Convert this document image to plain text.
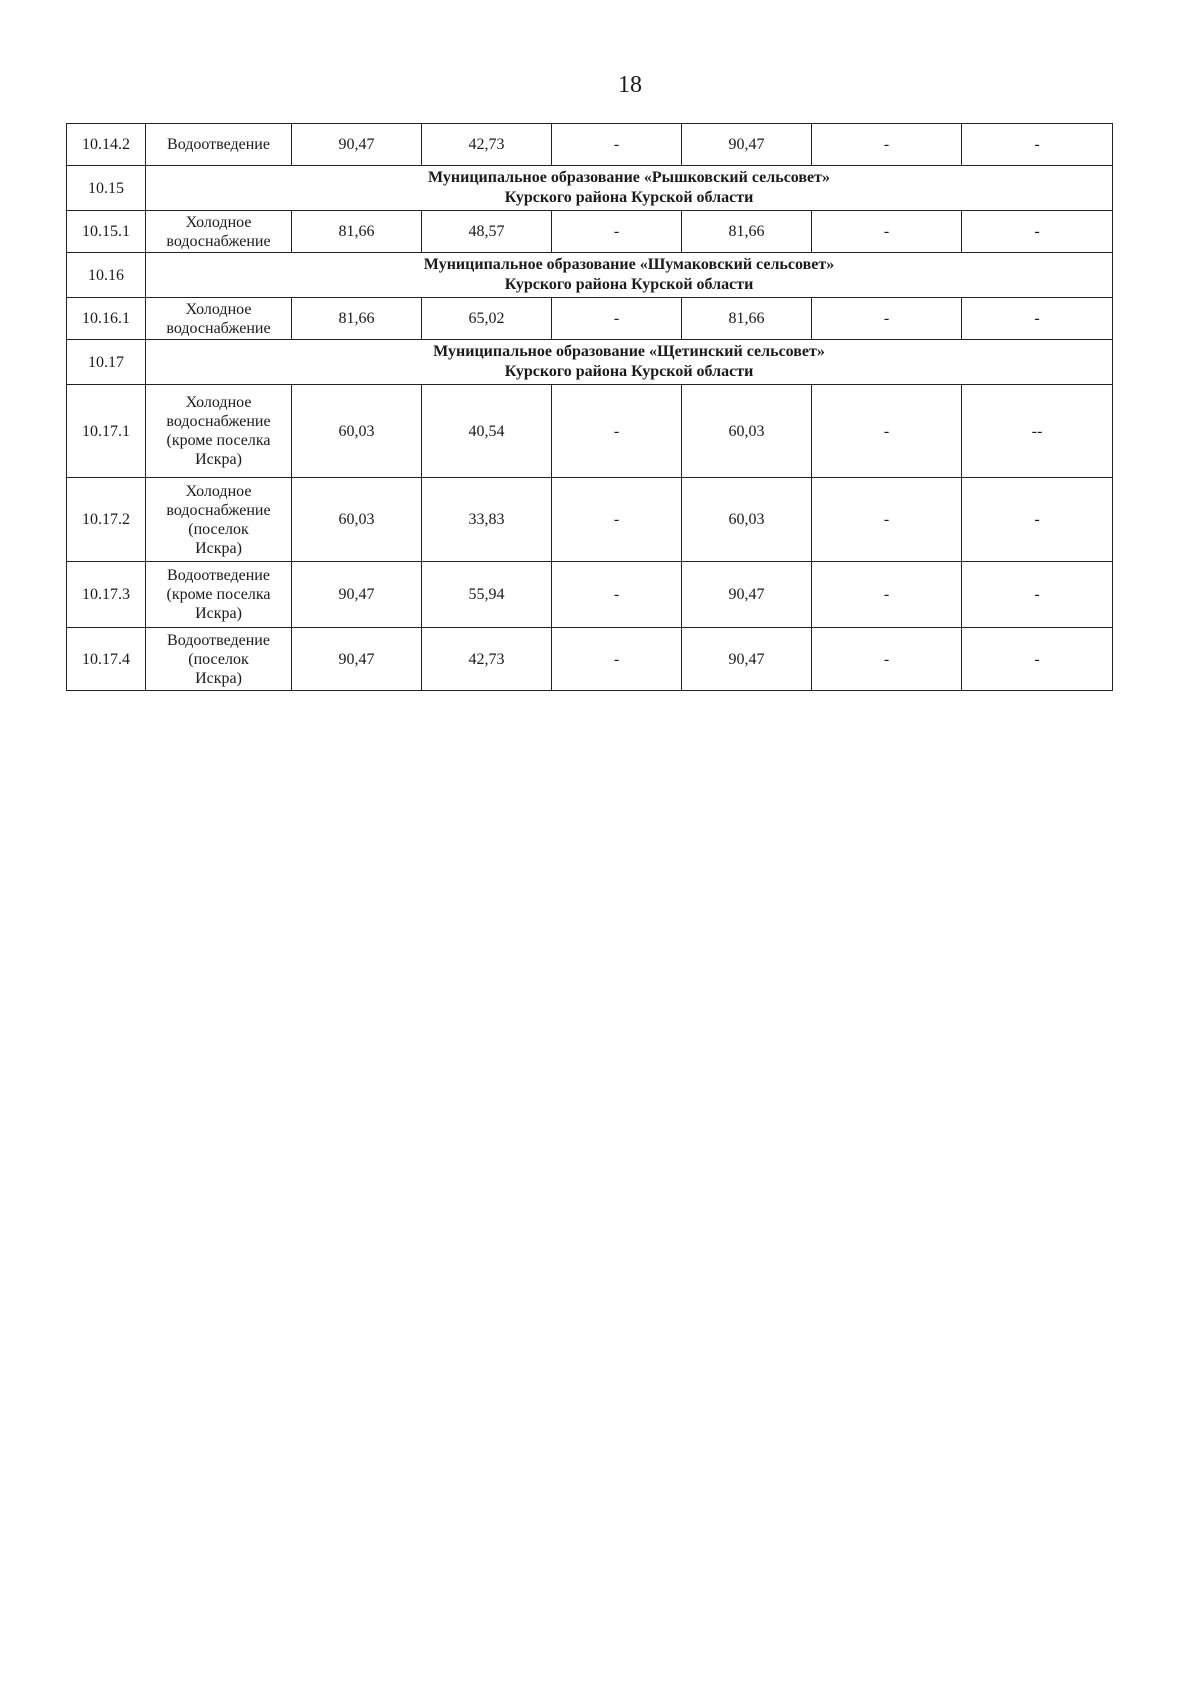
18
10.14.2	Водоотведение	90,47	42,73	-	90,47	-	-
10.15	Муниципальное образование «Рышковский сельсовет»
Курского района Курской области						

10.15.1	Холодное
водоснабжение	81,66	48,57	-	81,66	-	-
10.16	Муниципальное образование «Шумаковский сельсовет»
Курского района Курской области						

10.16.1	Холодное
водоснабжение	81,66	65,02	-	81,66	-	-
10.17	Муниципальное образование «Щетинский сельсовет»
Курского района Курской области						

10.17.1	Холодное
водоснабжение
(кроме поселка
Искра)	60,03	40,54	-	60,03	-	--
10.17.2	Холодное
водоснабжение
(поселок
Искра)	60,03	33,83	-	60,03	-	-
10.17.3	Водоотведение
(кроме поселка
Искра)	90,47	55,94	-	90,47	-	-
10.17.4	Водоотведение
(поселок
Искра)	90,47	42,73	-	90,47	-	-
